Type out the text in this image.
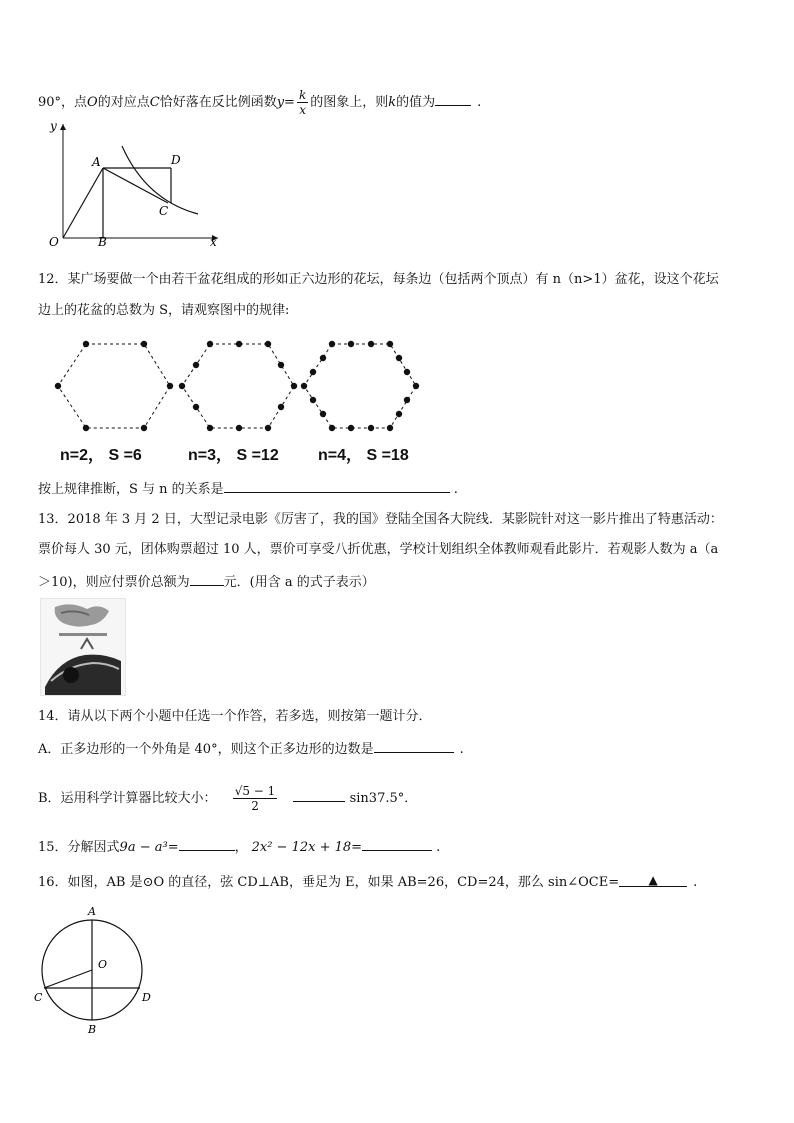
90°，点O的对应点C恰好落在反比例函数$y= \frac{k}{x}$ 的图象上，则k的值为	.
y
x
O
A
B
D
C
12．某广场要做一个由若干盆花组成的形如正六边形的花坛，每条边（包括两个顶点）有 n（n>1）盆花，设这个花坛
边上的花盆的总数为 S，请观察图中的规律:
n=2， S =6	n=3， S =12 n=4， S =18
按上规律推断，S 与 n 的关系是	.
13．2018 年 3 月 2 日，大型记录电影《厉害了，我的国》登陆全国各大院线．某影院针对这一影片推出了特惠活动：
票价每人 30 元，团体购票超过 10 人，票价可享受八折优惠，学校计划组织全体教师观看此影片．若观影人数为 a（a
＞10)，则应付票价总额为	元．(用含 a 的式子表示）
14．请从以下两个小题中任选一个作答，若多选，则按第一题计分．
A．正多边形的一个外角是 40°，则这个正多边形的边数是	.
B．运用科学计算器比较大小： $\frac{√5 - 1}{2}$	sin37.5°．
15．分解因式9a − a³=	， 2x² − 12x + 18=	.
16．如图，AB 是⊙O 的直径，弦 CD⊥AB，垂足为 E，如果 AB=26，CD=24，那么 sin∠OCE= ▲	.
A
B
C	D
O
